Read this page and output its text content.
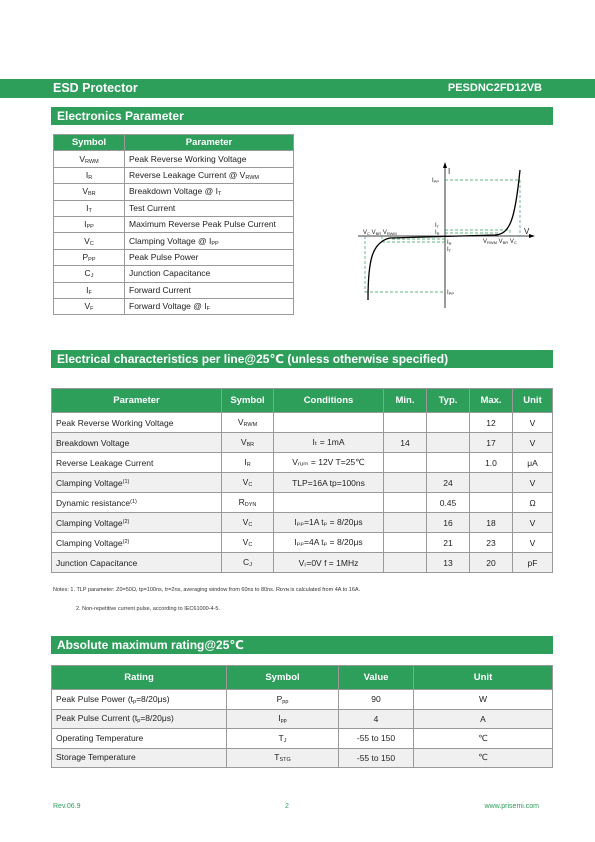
ESD Protector	PESDNC2FD12VB
Electronics Parameter
Symbol	Parameter
$V_{RWM}$	Peak Reverse Working Voltage
$I_R$	Reverse Leakage Current @ $V_{RWM}$
$V_{BR}$	Breakdown Voltage @ $I_T$
$I_T$	Test Current
$I_{PP}$	Maximum Reverse Peak Pulse Current
$V_C$	Clamping Voltage @ $I_{PP}$
$P_{PP}$	Peak Pulse Power
$C_J$	Junction Capacitance
$I_F$	Forward Current
$V_F$	Forward Voltage @ $I_F$
I
V
IPP
IT
IR
IR
IT
IPP
VC VBR VRWM
VRWM VBR VC
Electrical characteristics per line@25℃ (unless otherwise specified)
Parameter	Symbol	Conditions	Min.	Typ.	Max.	Unit
Peak Reverse Working Voltage	$V_{RWM}$				12	V
Breakdown Voltage	$V_{BR}$	Iₜ = 1mA	14		17	V
Reverse Leakage Current	$I_R$	Vᵣᵤₘ = 12V T=25℃			1.0	μA
Clamping Voltage$^{(1)}$	$V_C$	TLP=16A tp=100ns		24		V
Dynamic resistance$^{(1)}$	$R_{DYN}$			0.45		Ω
Clamping Voltage$^{(2)}$	$V_C$	Iₚₚ=1A tₚ = 8/20μs		16	18	V
Clamping Voltage$^{(2)}$	$V_C$	Iₚₚ=4A tₚ = 8/20μs		21	23	V
Junction Capacitance	$C_J$	Vᵣ=0V f = 1MHz		13	20	pF
Notes: 1. TLP parameter: Z0=50Ω, tp=100ns, tr=2ns, averaging window from 60ns to 80ns. Rᴅʏɴ is calculated from 4A to 16A.
2. Non-repetitive current pulse, according to IEC61000-4-5.
Absolute maximum rating@25℃
Rating	Symbol	Value	Unit
Peak Pulse Power $(t_p=8/20\mu s)$	$P_{pp}$	90	W
Peak Pulse Current $(t_p=8/20\mu s)$	$I_{pp}$	4	A
Operating Temperature	$T_J$	-55 to 150	℃
Storage Temperature	$T_{STG}$	-55 to 150	℃
Rev.06.9	2	www.prisemi.com
